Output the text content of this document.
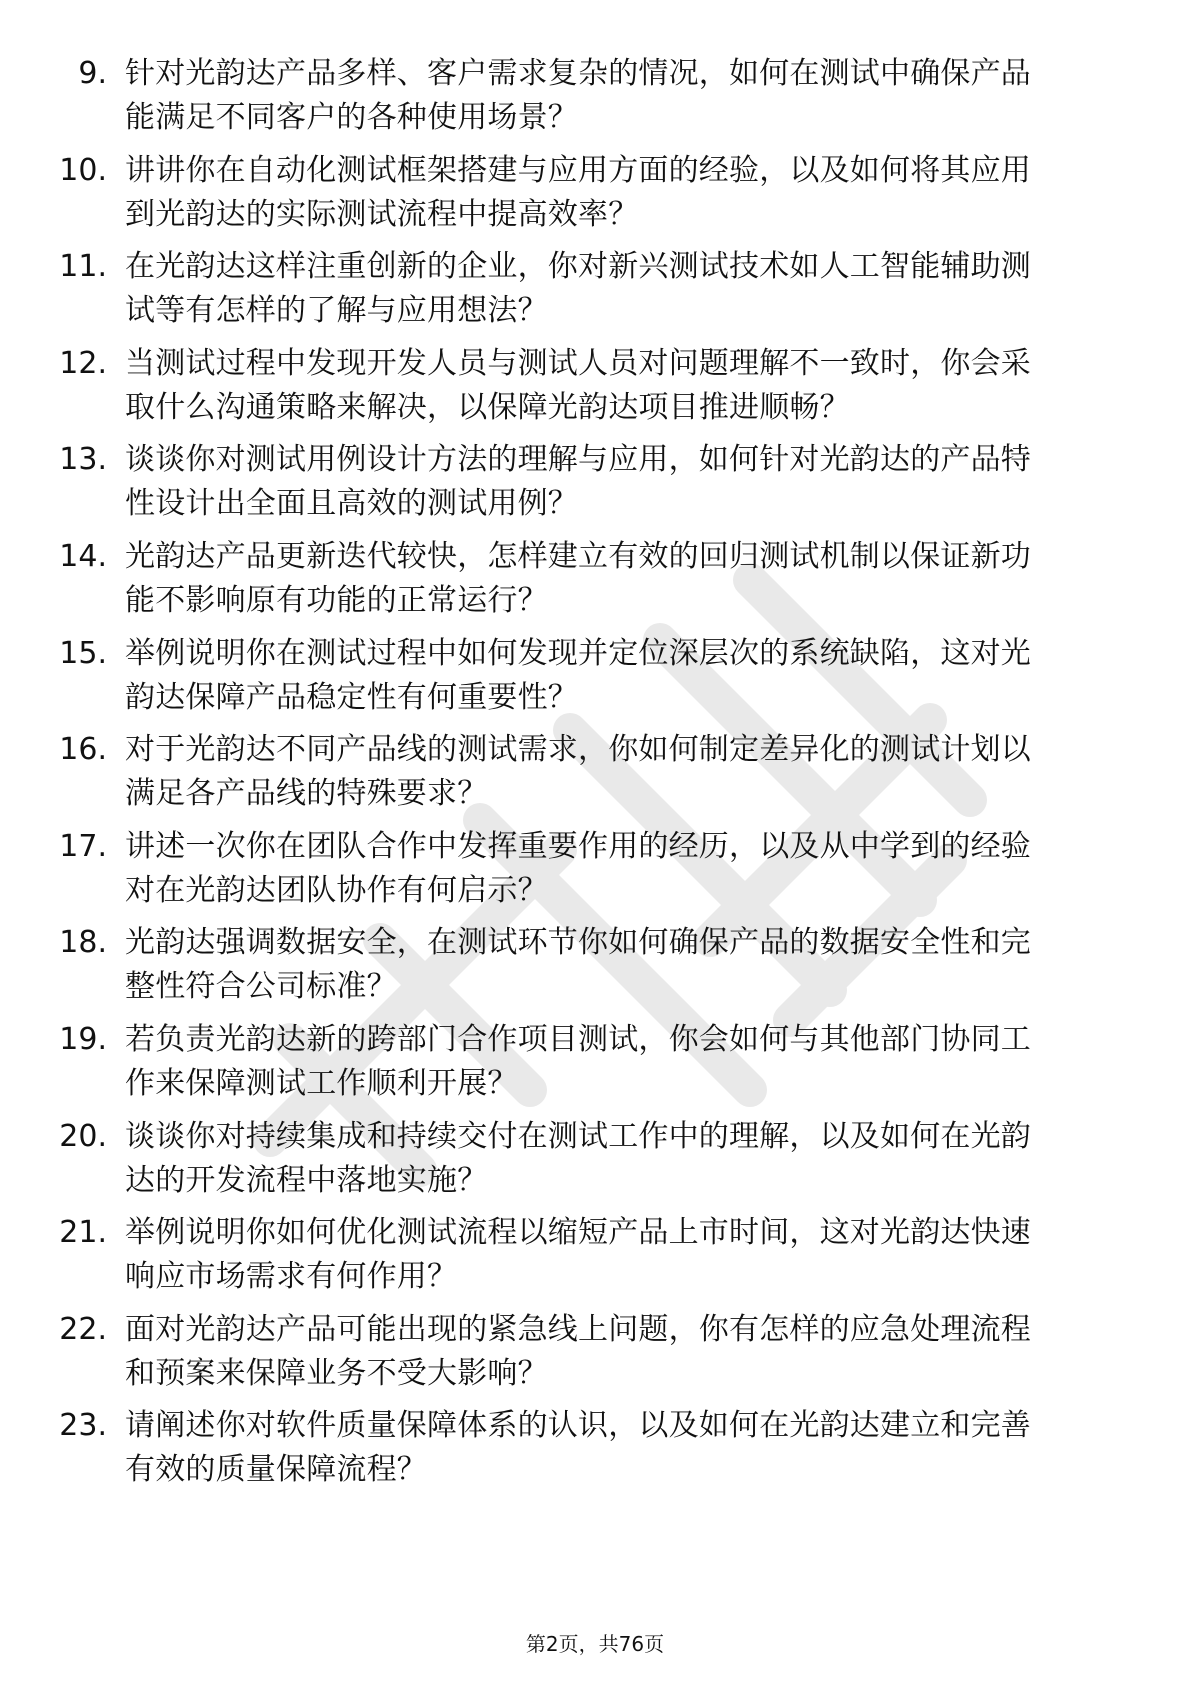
9. 针对光韵达产品多样、客户需求复杂的情况，如何在测试中确保产品能满足不同客户的各种使用场景？
10. 讲讲你在自动化测试框架搭建与应用方面的经验，以及如何将其应用到光韵达的实际测试流程中提高效率？
11. 在光韵达这样注重创新的企业，你对新兴测试技术如人工智能辅助测试等有怎样的了解与应用想法？
12. 当测试过程中发现开发人员与测试人员对问题理解不一致时，你会采取什么沟通策略来解决，以保障光韵达项目推进顺畅？
13. 谈谈你对测试用例设计方法的理解与应用，如何针对光韵达的产品特性设计出全面且高效的测试用例？
14. 光韵达产品更新迭代较快，怎样建立有效的回归测试机制以保证新功能不影响原有功能的正常运行？
15. 举例说明你在测试过程中如何发现并定位深层次的系统缺陷，这对光韵达保障产品稳定性有何重要性？
16. 对于光韵达不同产品线的测试需求，你如何制定差异化的测试计划以满足各产品线的特殊要求？
17. 讲述一次你在团队合作中发挥重要作用的经历，以及从中学到的经验对在光韵达团队协作有何启示？
18. 光韵达强调数据安全，在测试环节你如何确保产品的数据安全性和完整性符合公司标准？
19. 若负责光韵达新的跨部门合作项目测试，你会如何与其他部门协同工作来保障测试工作顺利开展？
20. 谈谈你对持续集成和持续交付在测试工作中的理解，以及如何在光韵达的开发流程中落地实施？
21. 举例说明你如何优化测试流程以缩短产品上市时间，这对光韵达快速响应市场需求有何作用？
22. 面对光韵达产品可能出现的紧急线上问题，你有怎样的应急处理流程和预案来保障业务不受大影响？
23. 请阐述你对软件质量保障体系的认识，以及如何在光韵达建立和完善有效的质量保障流程？
第2页，共76页
